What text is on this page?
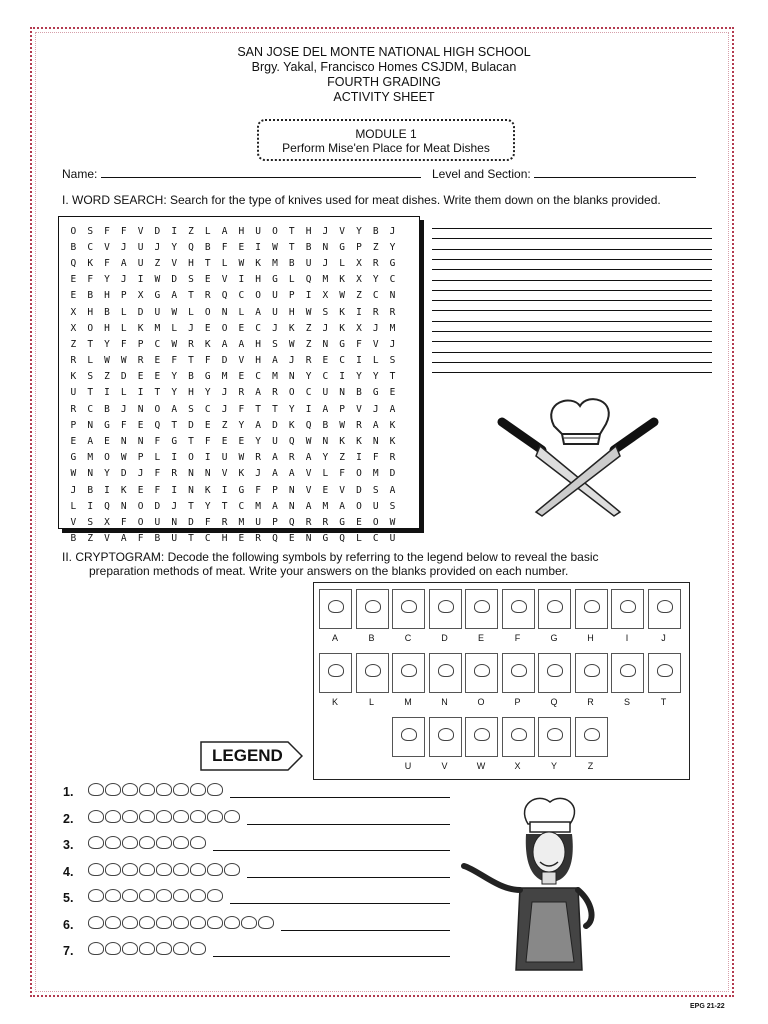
SAN JOSE DEL MONTE NATIONAL HIGH SCHOOL
Brgy. Yakal, Francisco Homes CSJDM, Bulacan
FOURTH GRADING
ACTIVITY SHEET
MODULE 1
Perform Mise'en Place for Meat Dishes
Name:	Level and Section:
I. WORD SEARCH: Search for the type of knives used for meat dishes. Write them down on the blanks provided.
O	S	F	F	V	D	I	Z	L	A	H	U	O	T	H	J	V	Y	B	J
B	C	V	J	U	J	Y	Q	B	F	E	I	W	T	B	N	G	P	Z	Y
Q	K	F	A	U	Z	V	H	T	L	W	K	M	B	U	J	L	X	R	G
E	F	Y	J	I	W	D	S	E	V	I	H	G	L	Q	M	K	X	Y	C
E	B	H	P	X	G	A	T	R	Q	C	O	U	P	I	X	W	Z	C	N
X	H	B	L	D	U	W	L	O	N	L	A	U	H	W	S	K	I	R	R
X	O	H	L	K	M	L	J	E	O	E	C	J	K	Z	J	K	X	J	M
Z	T	Y	F	P	C	W	R	K	A	A	H	S	W	Z	N	G	F	V	J
R	L	W	W	R	E	F	T	F	D	V	H	A	J	R	E	C	I	L	S
K	S	Z	D	E	E	Y	B	G	M	E	C	M	N	Y	C	I	Y	Y	T
U	T	I	L	I	T	Y	H	Y	J	R	A	R	O	C	U	N	B	G	E
R	C	B	J	N	O	A	S	C	J	F	T	T	Y	I	A	P	V	J	A
P	N	G	F	E	Q	T	D	E	Z	Y	A	D	K	Q	B	W	R	A	K
E	A	E	N	N	F	G	T	F	E	E	Y	U	Q	W	N	K	K	N	K
G	M	O	W	P	L	I	O	I	U	W	R	A	R	A	Y	Z	I	F	R
W	N	Y	D	J	F	R	N	N	V	K	J	A	A	V	L	F	O	M	D
J	B	I	K	E	F	I	N	K	I	G	F	P	N	V	E	V	D	S	A
L	I	Q	N	O	D	J	T	Y	T	C	M	A	N	A	M	A	O	U	S
V	S	X	F	O	U	N	D	F	R	M	U	P	Q	R	R	G	E	O	W
B	Z	V	A	F	B	U	T	C	H	E	R	Q	E	N	G	Q	L	C	U
II. CRYPTOGRAM: Decode the following symbols by referring to the legend below to reveal the basic
preparation methods of meat. Write your answers on the blanks provided on each number.
A	B	C	D	E	F	G	H	I	J
K	L	M	N	O	P	Q	R	S	T
U	V	W	X	Y	Z
LEGEND
1.
2.
3.
4.
5.
6.
7.
EPG 21-22
